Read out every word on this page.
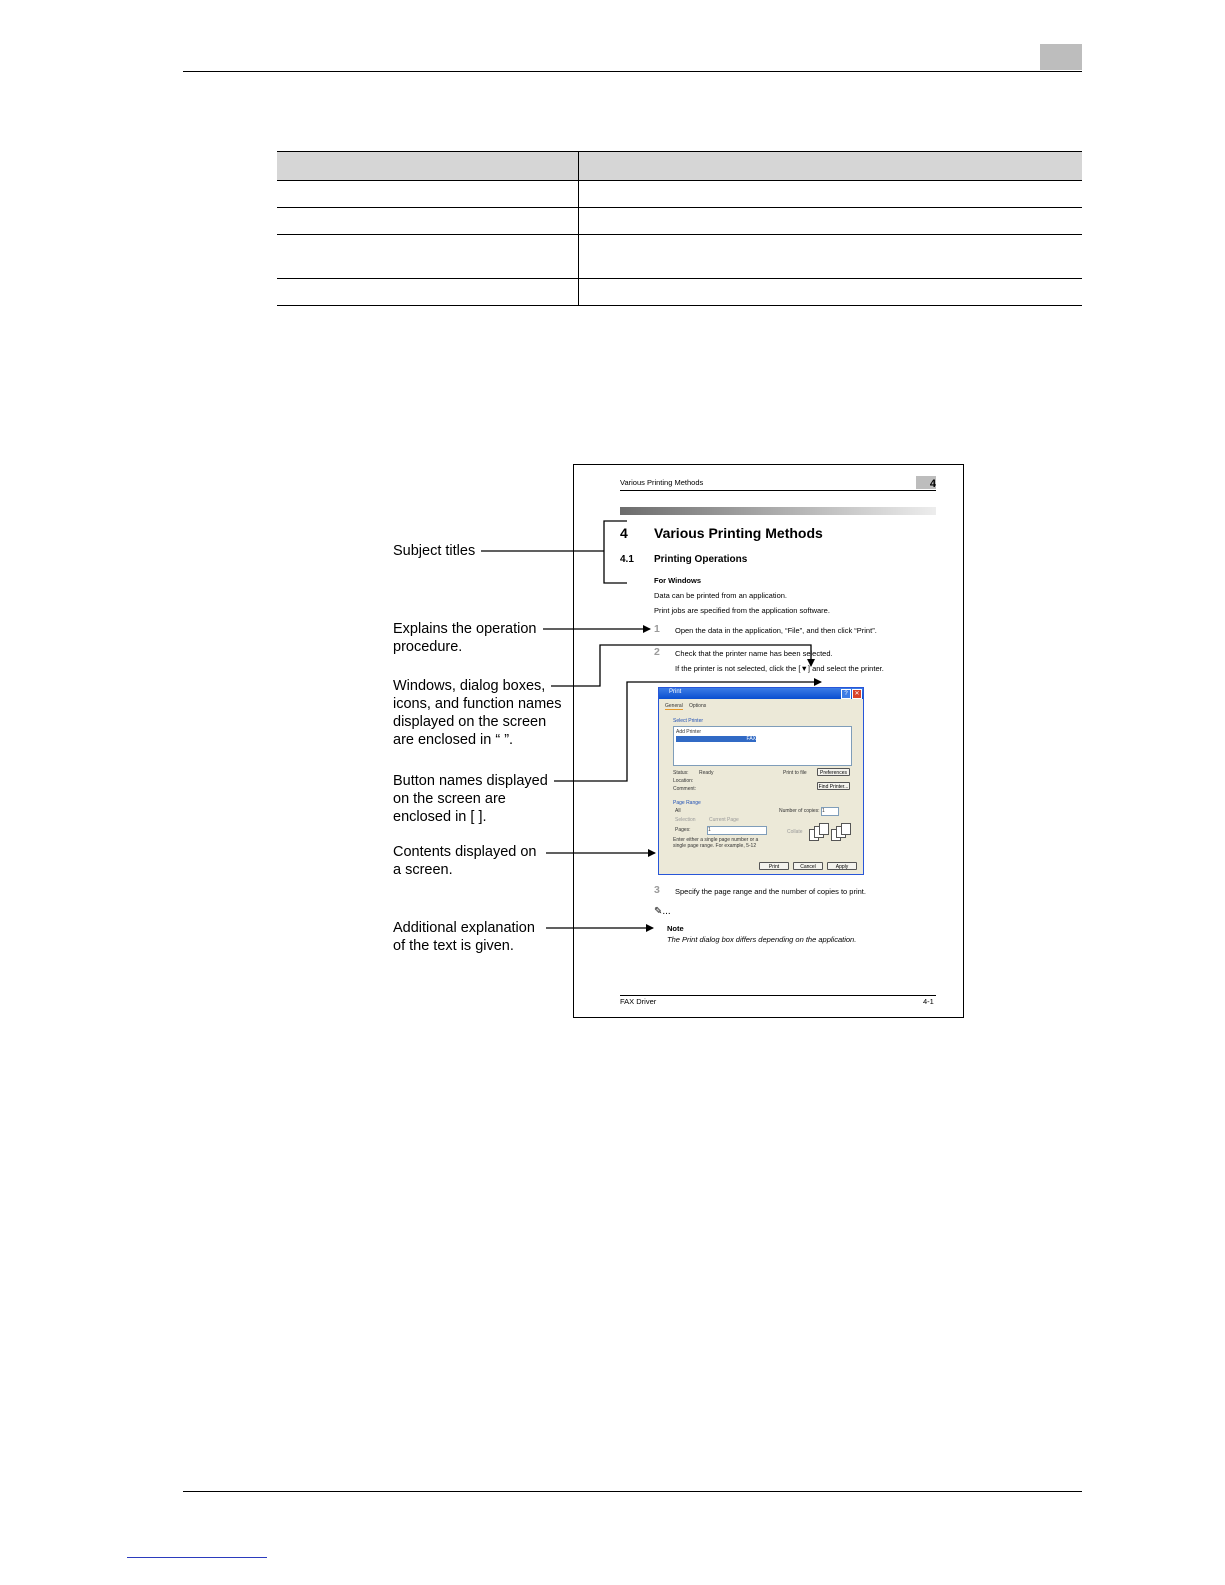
Subject titles
Explains the operation
procedure.
Windows, dialog boxes,
icons, and function names
displayed on the screen
are enclosed in “ ”.
Button names displayed
on the screen are
enclosed in [ ].
Contents displayed on
a screen.
Additional explanation
of the text is given.
Various Printing Methods	4
4 Various Printing Methods
4.1 Printing Operations
For Windows
Data can be printed from an application.
Print jobs are specified from the application software.
1 Open the data in the application, “File”, and then click “Print”.
2 Check that the printer name has been selected.
If the printer is not selected, click the [▼] and select the printer.
Print	?	✕
General Options
Select Printer
Add Printer
FAX
Status: Ready
Location:
Comment:
Print to file	Preferences
Find Printer...
Page Range
All
Selection	Current Page
Pages:	1
Enter either a single page number or a single page range. For example, 5-12
Number of copies: 1
Collate
Print	Cancel	Apply
3 Specify the page range and the number of copies to print.
✎...
Note
The Print dialog box differs depending on the application.
FAX Driver	4-1
